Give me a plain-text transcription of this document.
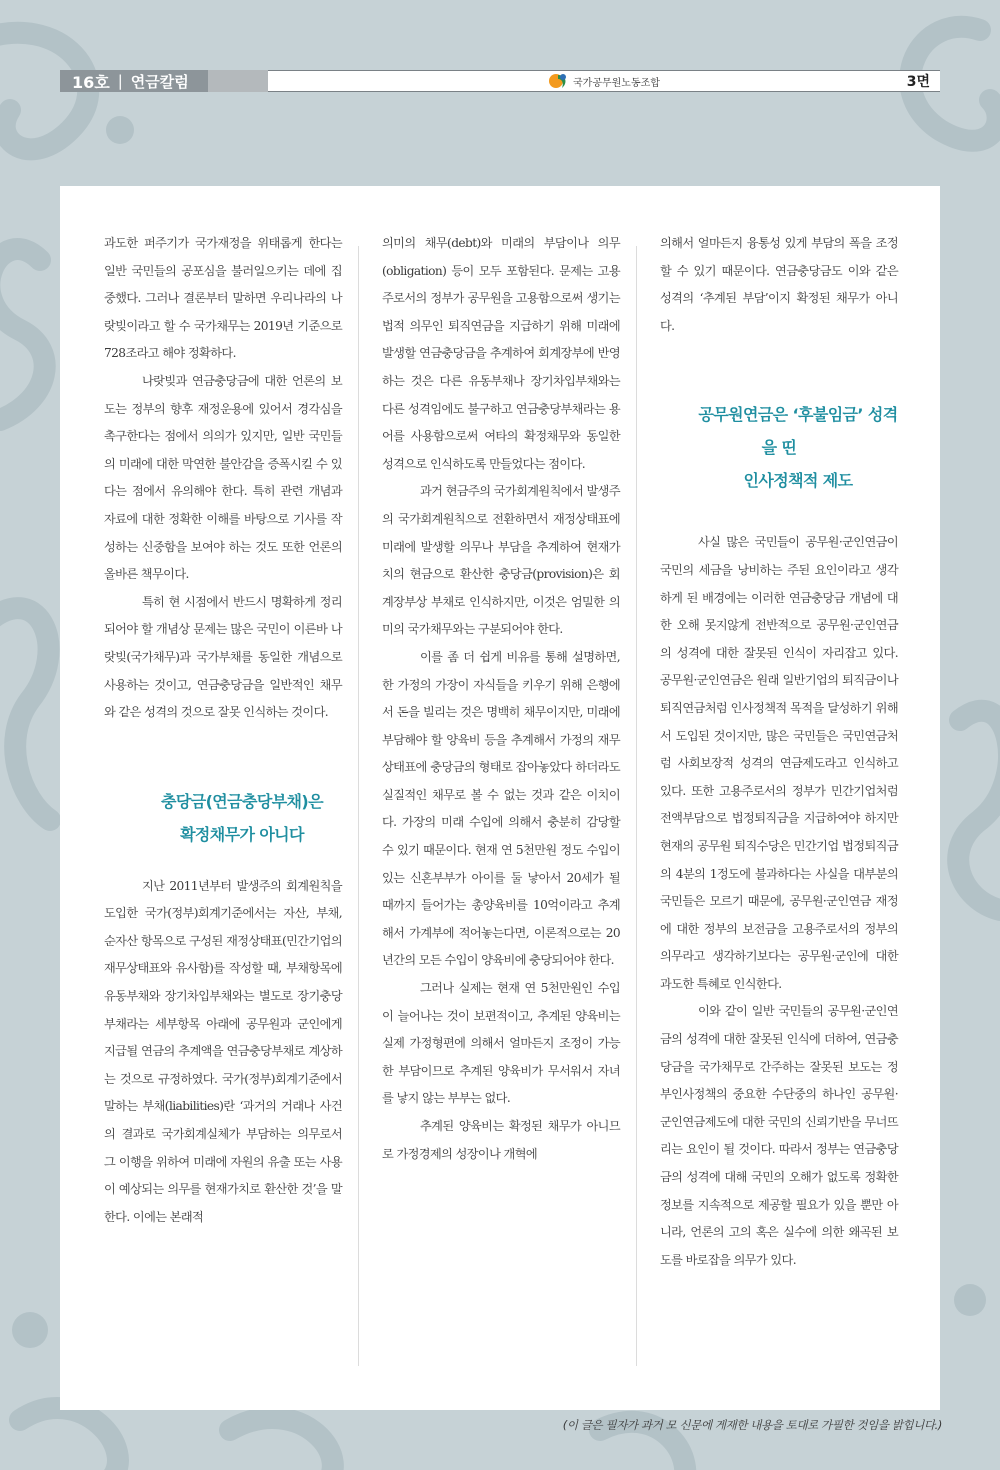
16호 | 연금칼럼	국가공무원노동조합	3면

과도한 퍼주기가 국가재정을 위태롭게 한다는 일반 국민들의 공포심을 불러일으키는 데에 집중했다. 그러나 결론부터 말하면 우리나라의 나랏빚이라고 할 수 국가채무는 2019년 기준으로 728조라고 해야 정확하다.

나랏빚과 연금충당금에 대한 언론의 보도는 정부의 향후 재정운용에 있어서 경각심을 촉구한다는 점에서 의의가 있지만, 일반 국민들의 미래에 대한 막연한 불안감을 증폭시킬 수 있다는 점에서 유의해야 한다. 특히 관련 개념과 자료에 대한 정확한 이해를 바탕으로 기사를 작성하는 신중함을 보여야 하는 것도 또한 언론의 올바른 책무이다.

특히 현 시점에서 반드시 명확하게 정리되어야 할 개념상 문제는 많은 국민이 이른바 나랏빚(국가채무)과 국가부채를 동일한 개념으로 사용하는 것이고, 연금충당금을 일반적인 채무와 같은 성격의 것으로 잘못 인식하는 것이다.

충당금(연금충당부채)은

확정채무가 아니다

지난 2011년부터 발생주의 회계원칙을 도입한 국가(정부)회계기준에서는 자산, 부채, 순자산 항목으로 구성된 재정상태표(민간기업의 재무상태표와 유사함)를 작성할 때, 부채항목에 유동부채와 장기차입부채와는 별도로 장기충당부채라는 세부항목 아래에 공무원과 군인에게 지급될 연금의 추계액을 연금충당부채로 계상하는 것으로 규정하였다. 국가(정부)회계기준에서 말하는 부채(liabilities)란 ‘과거의 거래나 사건의 결과로 국가회계실체가 부담하는 의무로서 그 이행을 위하여 미래에 자원의 유출 또는 사용이 예상되는 의무를 현재가치로 환산한 것’을 말한다. 이에는 본래적

의미의 채무(debt)와 미래의 부담이나 의무(obligation) 등이 모두 포함된다. 문제는 고용주로서의 정부가 공무원을 고용함으로써 생기는 법적 의무인 퇴직연금을 지급하기 위해 미래에 발생할 연금충당금을 추계하여 회계장부에 반영하는 것은 다른 유동부채나 장기차입부채와는 다른 성격임에도 불구하고 연금충당부채라는 용어를 사용함으로써 여타의 확정채무와 동일한 성격으로 인식하도록 만들었다는 점이다.

과거 현금주의 국가회계원칙에서 발생주의 국가회계원칙으로 전환하면서 재정상태표에 미래에 발생할 의무나 부담을 추계하여 현재가치의 현금으로 환산한 충당금(provision)은 회계장부상 부채로 인식하지만, 이것은 엄밀한 의미의 국가채무와는 구분되어야 한다.

이를 좀 더 쉽게 비유를 통해 설명하면, 한 가정의 가장이 자식들을 키우기 위해 은행에서 돈을 빌리는 것은 명백히 채무이지만, 미래에 부담해야 할 양육비 등을 추계해서 가정의 재무상태표에 충당금의 형태로 잡아놓았다 하더라도 실질적인 채무로 볼 수 없는 것과 같은 이치이다. 가장의 미래 수입에 의해서 충분히 감당할 수 있기 때문이다. 현재 연 5천만원 정도 수입이 있는 신혼부부가 아이를 둘 낳아서 20세가 될 때까지 들어가는 총양육비를 10억이라고 추계해서 가계부에 적어놓는다면, 이론적으로는 20년간의 모든 수입이 양육비에 충당되어야 한다.

그러나 실제는 현재 연 5천만원인 수입이 늘어나는 것이 보편적이고, 추계된 양육비는 실제 가정형편에 의해서 얼마든지 조정이 가능한 부담이므로 추계된 양육비가 무서워서 자녀를 낳지 않는 부부는 없다.

추계된 양육비는 확정된 채무가 아니므로 가정경제의 성장이나 개혁에

의해서 얼마든지 융통성 있게 부담의 폭을 조정할 수 있기 때문이다. 연금충당금도 이와 같은 성격의 ‘추계된 부담’이지 확정된 채무가 아니다.

공무원연금은 ‘후불임금’ 성격을 띤

인사정책적 제도

사실 많은 국민들이 공무원·군인연금이 국민의 세금을 낭비하는 주된 요인이라고 생각하게 된 배경에는 이러한 연금충당금 개념에 대한 오해 못지않게 전반적으로 공무원·군인연금의 성격에 대한 잘못된 인식이 자리잡고 있다. 공무원·군인연금은 원래 일반기업의 퇴직금이나 퇴직연금처럼 인사정책적 목적을 달성하기 위해서 도입된 것이지만, 많은 국민들은 국민연금처럼 사회보장적 성격의 연금제도라고 인식하고 있다. 또한 고용주로서의 정부가 민간기업처럼 전액부담으로 법정퇴직금을 지급하여야 하지만 현재의 공무원 퇴직수당은 민간기업 법정퇴직금의 4분의 1정도에 불과하다는 사실을 대부분의 국민들은 모르기 때문에, 공무원·군인연금 재정에 대한 정부의 보전금을 고용주로서의 정부의 의무라고 생각하기보다는 공무원·군인에 대한 과도한 특혜로 인식한다.

이와 같이 일반 국민들의 공무원·군인연금의 성격에 대한 잘못된 인식에 더하여, 연금충당금을 국가채무로 간주하는 잘못된 보도는 정부인사정책의 중요한 수단중의 하나인 공무원·군인연금제도에 대한 국민의 신뢰기반을 무너뜨리는 요인이 될 것이다. 따라서 정부는 연금충당금의 성격에 대해 국민의 오해가 없도록 정확한 정보를 지속적으로 제공할 필요가 있을 뿐만 아니라, 언론의 고의 혹은 실수에 의한 왜곡된 보도를 바로잡을 의무가 있다.

(이 글은 필자가 과거 모 신문에 게재한 내용을 토대로 가필한 것임을 밝힙니다.)
